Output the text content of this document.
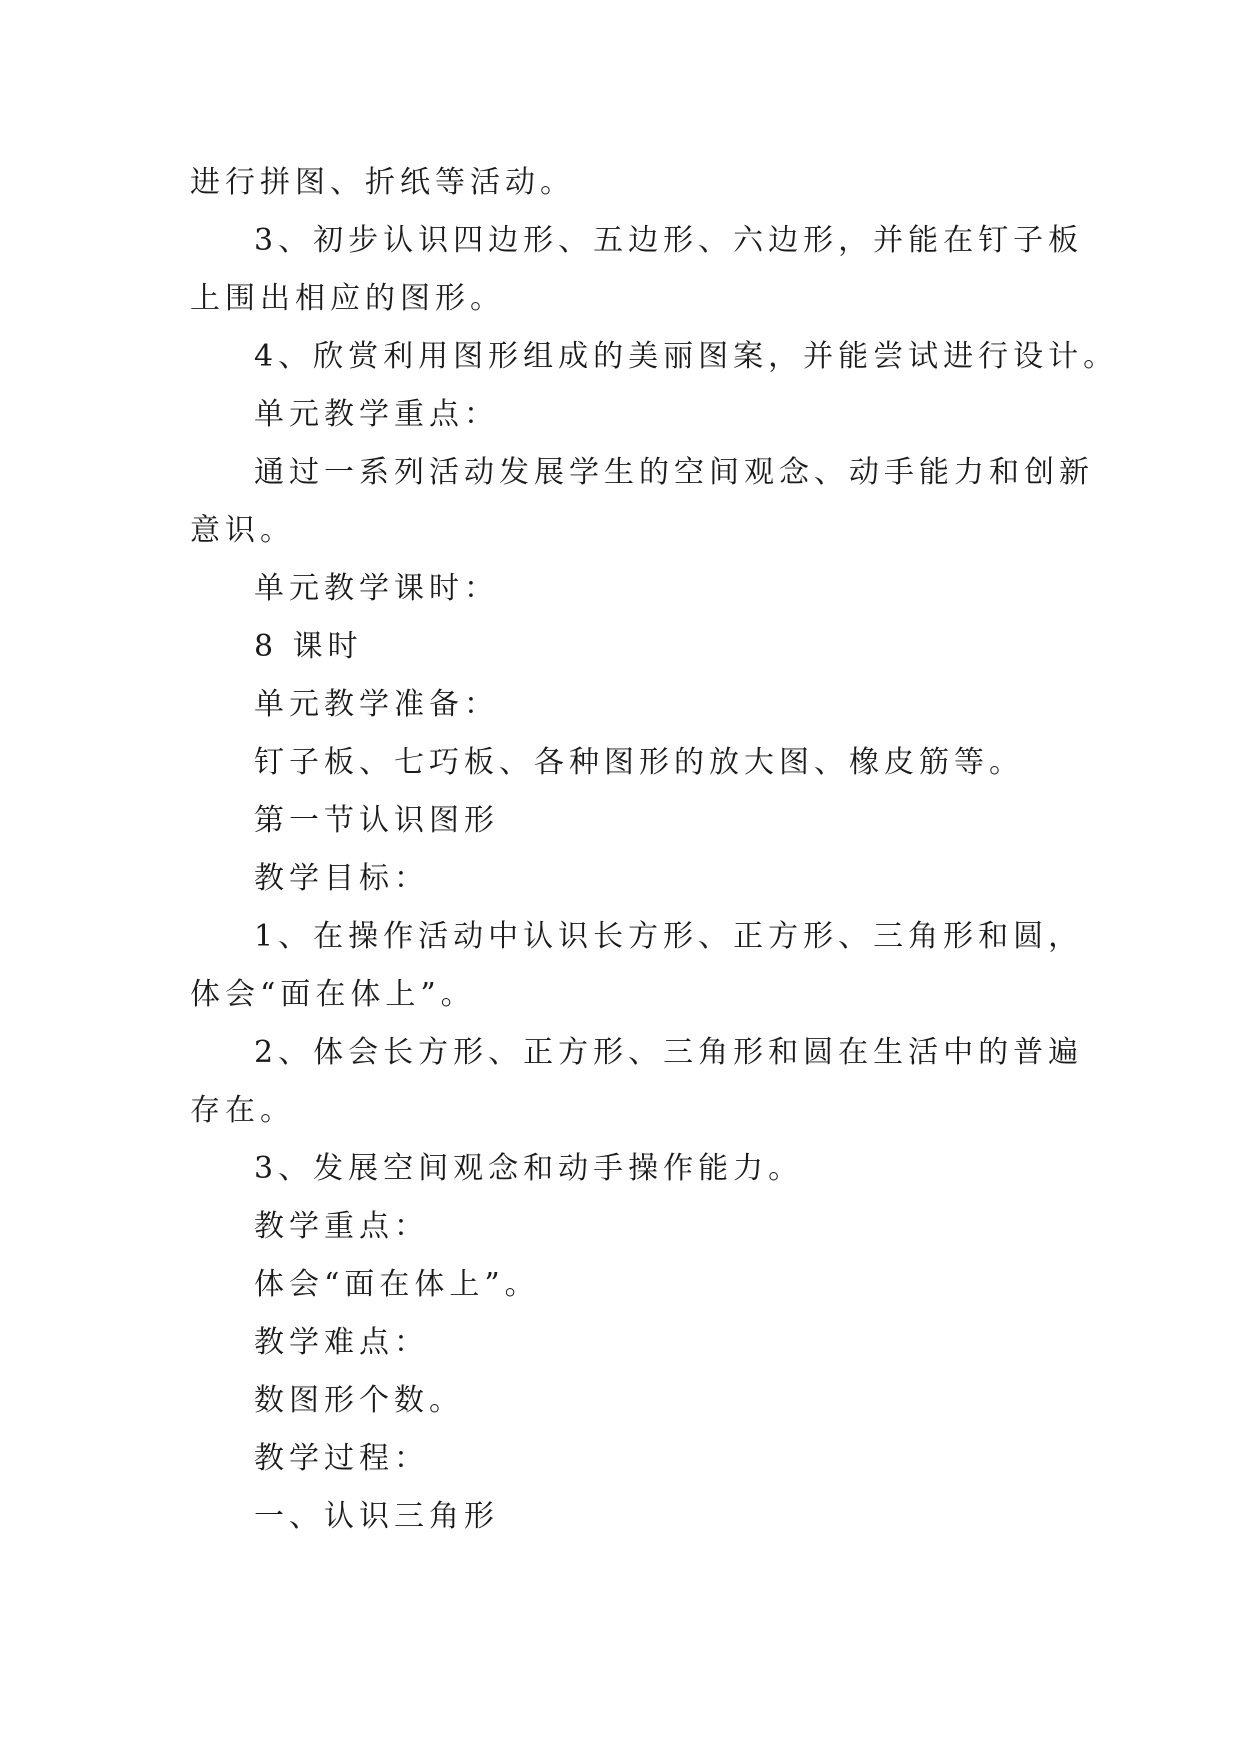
进行拼图、折纸等活动。
3、初步认识四边形、五边形、六边形，并能在钉子板
上围出相应的图形。
4、欣赏利用图形组成的美丽图案，并能尝试进行设计。
单元教学重点：
通过一系列活动发展学生的空间观念、动手能力和创新
意识。
单元教学课时：
8 课时
单元教学准备：
钉子板、七巧板、各种图形的放大图、橡皮筋等。
第一节认识图形
教学目标：
1、在操作活动中认识长方形、正方形、三角形和圆，
体会“面在体上”。
2、体会长方形、正方形、三角形和圆在生活中的普遍
存在。
3、发展空间观念和动手操作能力。
教学重点：
体会“面在体上”。
教学难点：
数图形个数。
教学过程：
一、认识三角形
